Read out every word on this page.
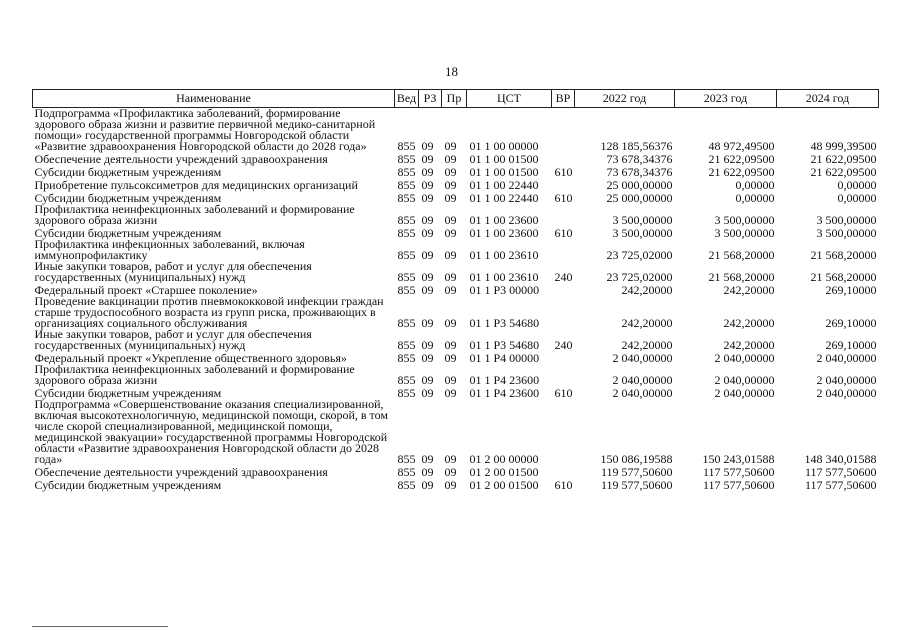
18
Наименование	Вед	РЗ	Пр	ЦСТ	ВР	2022 год	2023 год	2024 год
Подпрограмма «Профилактика заболеваний, формирование здорового образа жизни и развитие первичной медико-санитарной помощи» государственной программы Новгородской области «Развитие здравоохранения Новгородской области до 2028 года»	855	09	09	01 1 00 00000		128 185,56376	48 972,49500	48 999,39500
Обеспечение деятельности учреждений здравоохранения	855	09	09	01 1 00 01500		73 678,34376	21 622,09500	21 622,09500
Субсидии бюджетным учреждениям	855	09	09	01 1 00 01500	610	73 678,34376	21 622,09500	21 622,09500
Приобретение пульсоксиметров для медицинских организаций	855	09	09	01 1 00 22440		25 000,00000	0,00000	0,00000
Субсидии бюджетным учреждениям	855	09	09	01 1 00 22440	610	25 000,00000	0,00000	0,00000
Профилактика неинфекционных заболеваний и формирование здорового образа жизни	855	09	09	01 1 00 23600		3 500,00000	3 500,00000	3 500,00000
Субсидии бюджетным учреждениям	855	09	09	01 1 00 23600	610	3 500,00000	3 500,00000	3 500,00000
Профилактика инфекционных заболеваний, включая иммунопрофилактику	855	09	09	01 1 00 23610		23 725,02000	21 568,20000	21 568,20000
Иные закупки товаров, работ и услуг для обеспечения государственных (муниципальных) нужд	855	09	09	01 1 00 23610	240	23 725,02000	21 568,20000	21 568,20000
Федеральный проект «Старшее поколение»	855	09	09	01 1 P3 00000		242,20000	242,20000	269,10000
Проведение вакцинации против пневмококковой инфекции граждан старше трудоспособного возраста из групп риска, проживающих в организациях социального обслуживания	855	09	09	01 1 P3 54680		242,20000	242,20000	269,10000
Иные закупки товаров, работ и услуг для обеспечения государственных (муниципальных) нужд	855	09	09	01 1 P3 54680	240	242,20000	242,20000	269,10000
Федеральный проект «Укрепление общественного здоровья»	855	09	09	01 1 P4 00000		2 040,00000	2 040,00000	2 040,00000
Профилактика неинфекционных заболеваний и формирование здорового образа жизни	855	09	09	01 1 P4 23600		2 040,00000	2 040,00000	2 040,00000
Субсидии бюджетным учреждениям	855	09	09	01 1 P4 23600	610	2 040,00000	2 040,00000	2 040,00000
Подпрограмма «Совершенствование оказания специализированной, включая высокотехнологичную, медицинской помощи, скорой, в том числе скорой специализированной, медицинской помощи, медицинской эвакуации» государственной программы Новгородской области «Развитие здравоохранения Новгородской области до 2028 года»	855	09	09	01 2 00 00000		150 086,19588	150 243,01588	148 340,01588
Обеспечение деятельности учреждений здравоохранения	855	09	09	01 2 00 01500		119 577,50600	117 577,50600	117 577,50600
Субсидии бюджетным учреждениям	855	09	09	01 2 00 01500	610	119 577,50600	117 577,50600	117 577,50600
